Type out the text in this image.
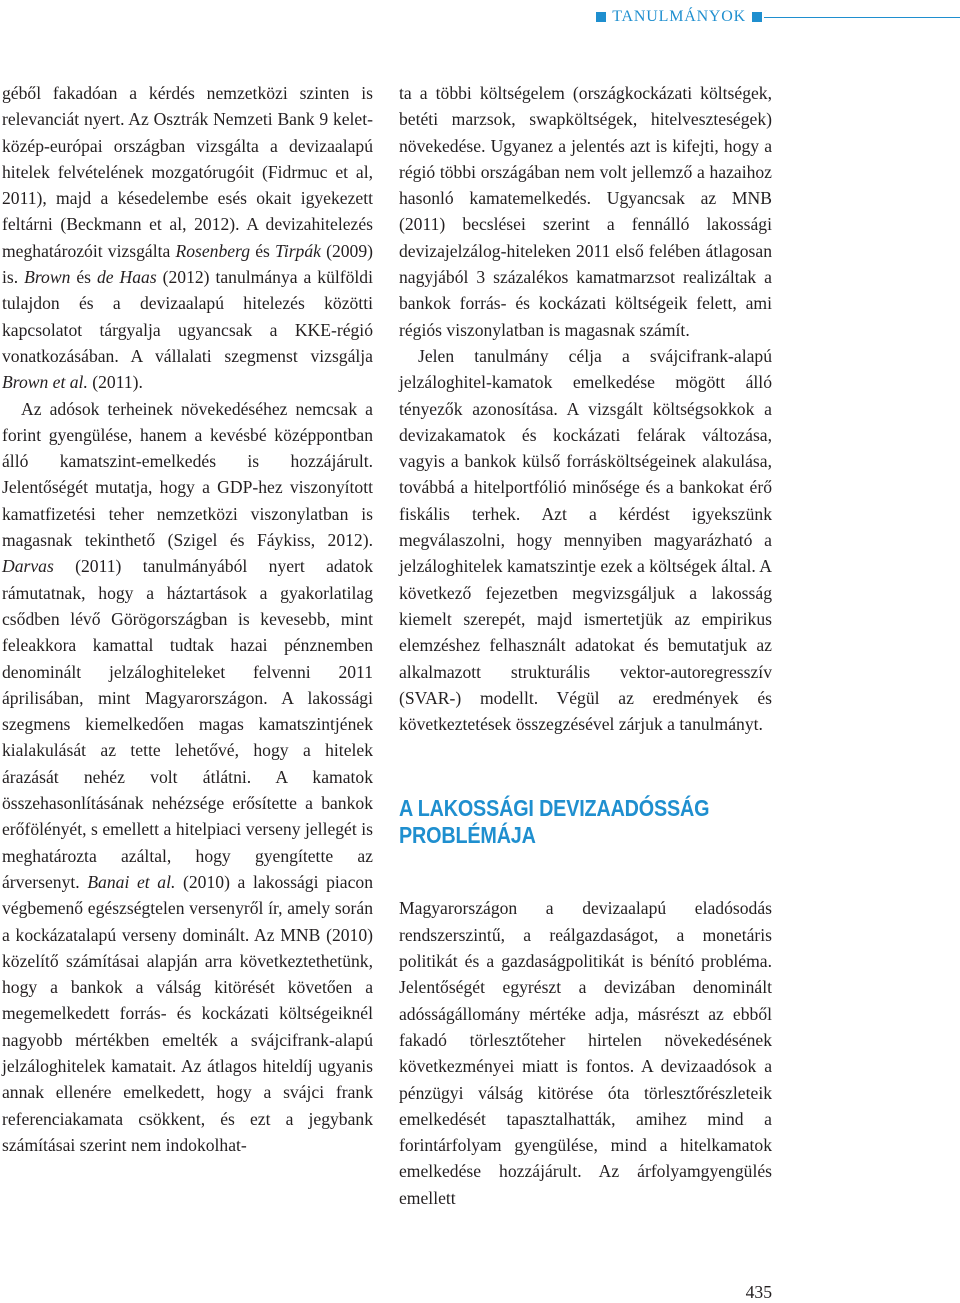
TANULMÁNYOK

géből fakadóan a kérdés nemzetközi szinten is relevanciát nyert. Az Osztrák Nemzeti Bank 9 kelet-közép-európai országban vizsgálta a devizaalapú hitelek felvételének mozgatórugóit (Fidrmuc et al, 2011), majd a késedelembe esés okait igyekezett feltárni (Beckmann et al, 2012). A devizahitelezés meghatározóit vizsgálta Rosenberg és Tirpák (2009) is. Brown és de Haas (2012) tanulmánya a külföldi tulajdon és a devizaalapú hitelezés közötti kapcsolatot tárgyalja ugyancsak a KKE-régió vonatkozásában. A vállalati szegmenst vizsgálja Brown et al. (2011).

Az adósok terheinek növekedéséhez nemcsak a forint gyengülése, hanem a kevésbé középpontban álló kamatszint-emelkedés is hozzájárult. Jelentőségét mutatja, hogy a GDP-hez viszonyított kamatfizetési teher nemzetközi viszonylatban is magasnak tekinthető (Szigel és Fáykiss, 2012). Darvas (2011) tanulmányából nyert adatok rámutatnak, hogy a háztartások a gyakorlatilag csődben lévő Görögországban is kevesebb, mint feleakkora kamattal tudtak hazai pénznemben denominált jelzáloghiteleket felvenni 2011 áprilisában, mint Magyarországon. A lakossági szegmens kiemelkedően magas kamatszintjének kialakulását az tette lehetővé, hogy a hitelek árazását nehéz volt átlátni. A kamatok összehasonlításának nehézsége erősítette a bankok erőfölényét, s emellett a hitelpiaci verseny jellegét is meghatározta azáltal, hogy gyengítette az árversenyt. Banai et al. (2010) a lakossági piacon végbemenő egészségtelen versenyről ír, amely során a kockázatalapú verseny dominált. Az MNB (2010) közelítő számításai alapján arra következtethetünk, hogy a bankok a válság kitörését követően a megemelkedett forrás- és kockázati költségeiknél nagyobb mértékben emelték a svájcifrank-alapú jelzáloghitelek kamatait. Az átlagos hiteldíj ugyanis annak ellenére emelkedett, hogy a svájci frank referenciakamata csökkent, és ezt a jegybank számításai szerint nem indokolhat-

ta a többi költségelem (országkockázati költségek, betéti marzsok, swapköltségek, hitelveszteségek) növekedése. Ugyanez a jelentés azt is kifejti, hogy a régió többi országában nem volt jellemző a hazaihoz hasonló kamatemelkedés. Ugyancsak az MNB (2011) becslései szerint a fennálló lakossági devizajelzálog-hiteleken 2011 első felében átlagosan nagyjából 3 százalékos kamatmarzsot realizáltak a bankok forrás- és kockázati költségeik felett, ami régiós viszonylatban is magasnak számít.

Jelen tanulmány célja a svájcifrank-alapú jelzáloghitel-kamatok emelkedése mögött álló tényezők azonosítása. A vizsgált költségsokkok a devizakamatok és kockázati felárak változása, vagyis a bankok külső forrásköltségeinek alakulása, továbbá a hitelportfólió minősége és a bankokat érő fiskális terhek. Azt a kérdést igyekszünk megválaszolni, hogy mennyiben magyarázható a jelzáloghitelek kamatszintje ezek a költségek által. A következő fejezetben megvizsgáljuk a lakosság kiemelt szerepét, majd ismertetjük az empirikus elemzéshez felhasznált adatokat és bemutatjuk az alkalmazott strukturális vektor-autoregresszív (SVAR-) modellt. Végül az eredmények és következtetések összegzésével zárjuk a tanulmányt.

A LAKOSSÁGI DEVIZAADÓSSÁG PROBLÉMÁJA

Magyarországon a devizaalapú eladósodás rendszerszintű, a reálgazdaságot, a monetáris politikát és a gazdaságpolitikát is bénító probléma. Jelentőségét egyrészt a devizában denominált adósságállomány mértéke adja, másrészt az ebből fakadó törlesztőteher hirtelen növekedésének következményei miatt is fontos. A devizaadósok a pénzügyi válság kitörése óta törlesztőrészleteik emelkedését tapasztalhatták, amihez mind a forintárfolyam gyengülése, mind a hitelkamatok emelkedése hozzájárult. Az árfolyamgyengülés emellett

435
